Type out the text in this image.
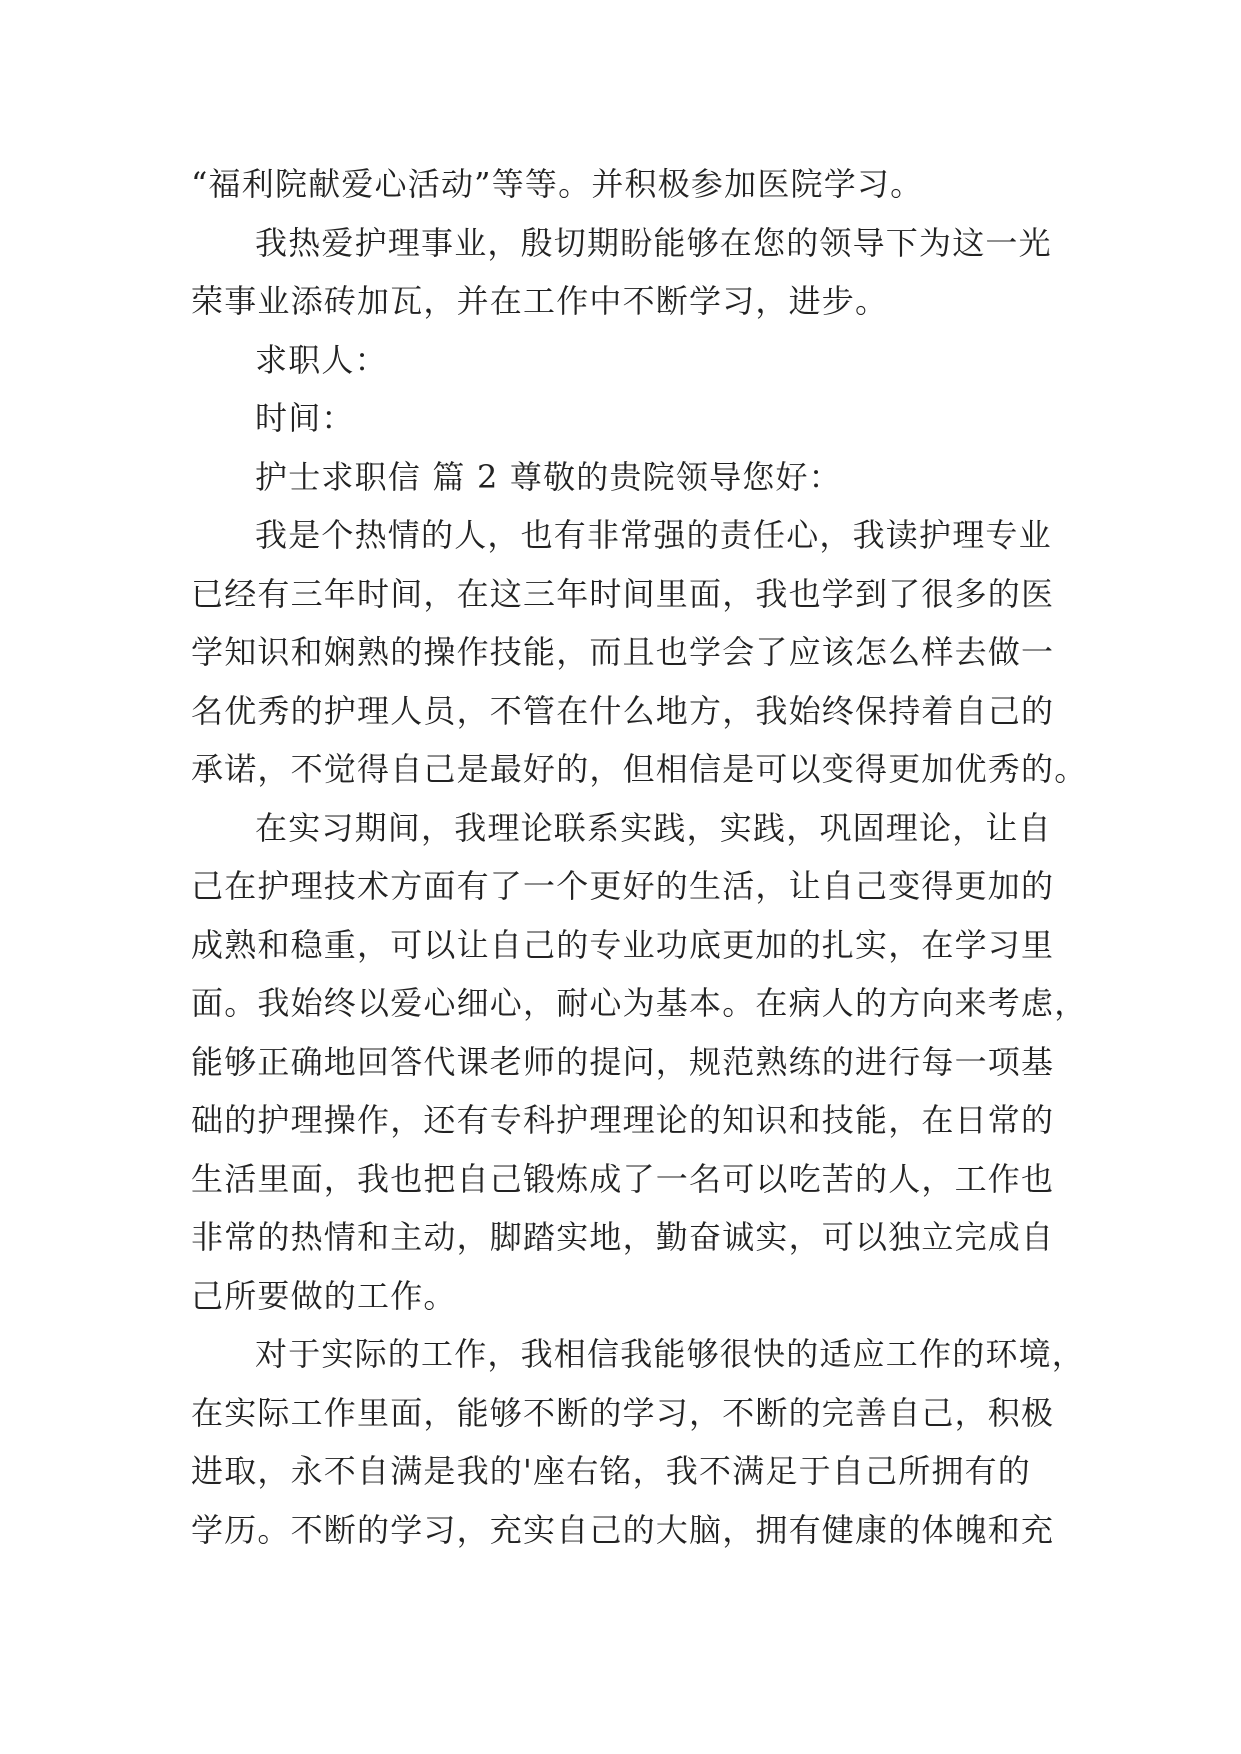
“福利院献爱心活动”等等。并积极参加医院学习。
我热爱护理事业，殷切期盼能够在您的领导下为这一光
荣事业添砖加瓦，并在工作中不断学习，进步。
求职人：
时间：
护士求职信 篇 2 尊敬的贵院领导您好：
我是个热情的人，也有非常强的责任心，我读护理专业
已经有三年时间，在这三年时间里面，我也学到了很多的医
学知识和娴熟的操作技能，而且也学会了应该怎么样去做一
名优秀的护理人员，不管在什么地方，我始终保持着自己的
承诺，不觉得自己是最好的，但相信是可以变得更加优秀的。
在实习期间，我理论联系实践，实践，巩固理论，让自
己在护理技术方面有了一个更好的生活，让自己变得更加的
成熟和稳重，可以让自己的专业功底更加的扎实，在学习里
面。我始终以爱心细心，耐心为基本。在病人的方向来考虑，
能够正确地回答代课老师的提问，规范熟练的进行每一项基
础的护理操作，还有专科护理理论的知识和技能，在日常的
生活里面，我也把自己锻炼成了一名可以吃苦的人，工作也
非常的热情和主动，脚踏实地，勤奋诚实，可以独立完成自
己所要做的工作。
对于实际的工作，我相信我能够很快的适应工作的环境，
在实际工作里面，能够不断的学习，不断的完善自己，积极
进取，永不自满是我的'座右铭，我不满足于自己所拥有的
学历。不断的学习，充实自己的大脑，拥有健康的体魄和充
